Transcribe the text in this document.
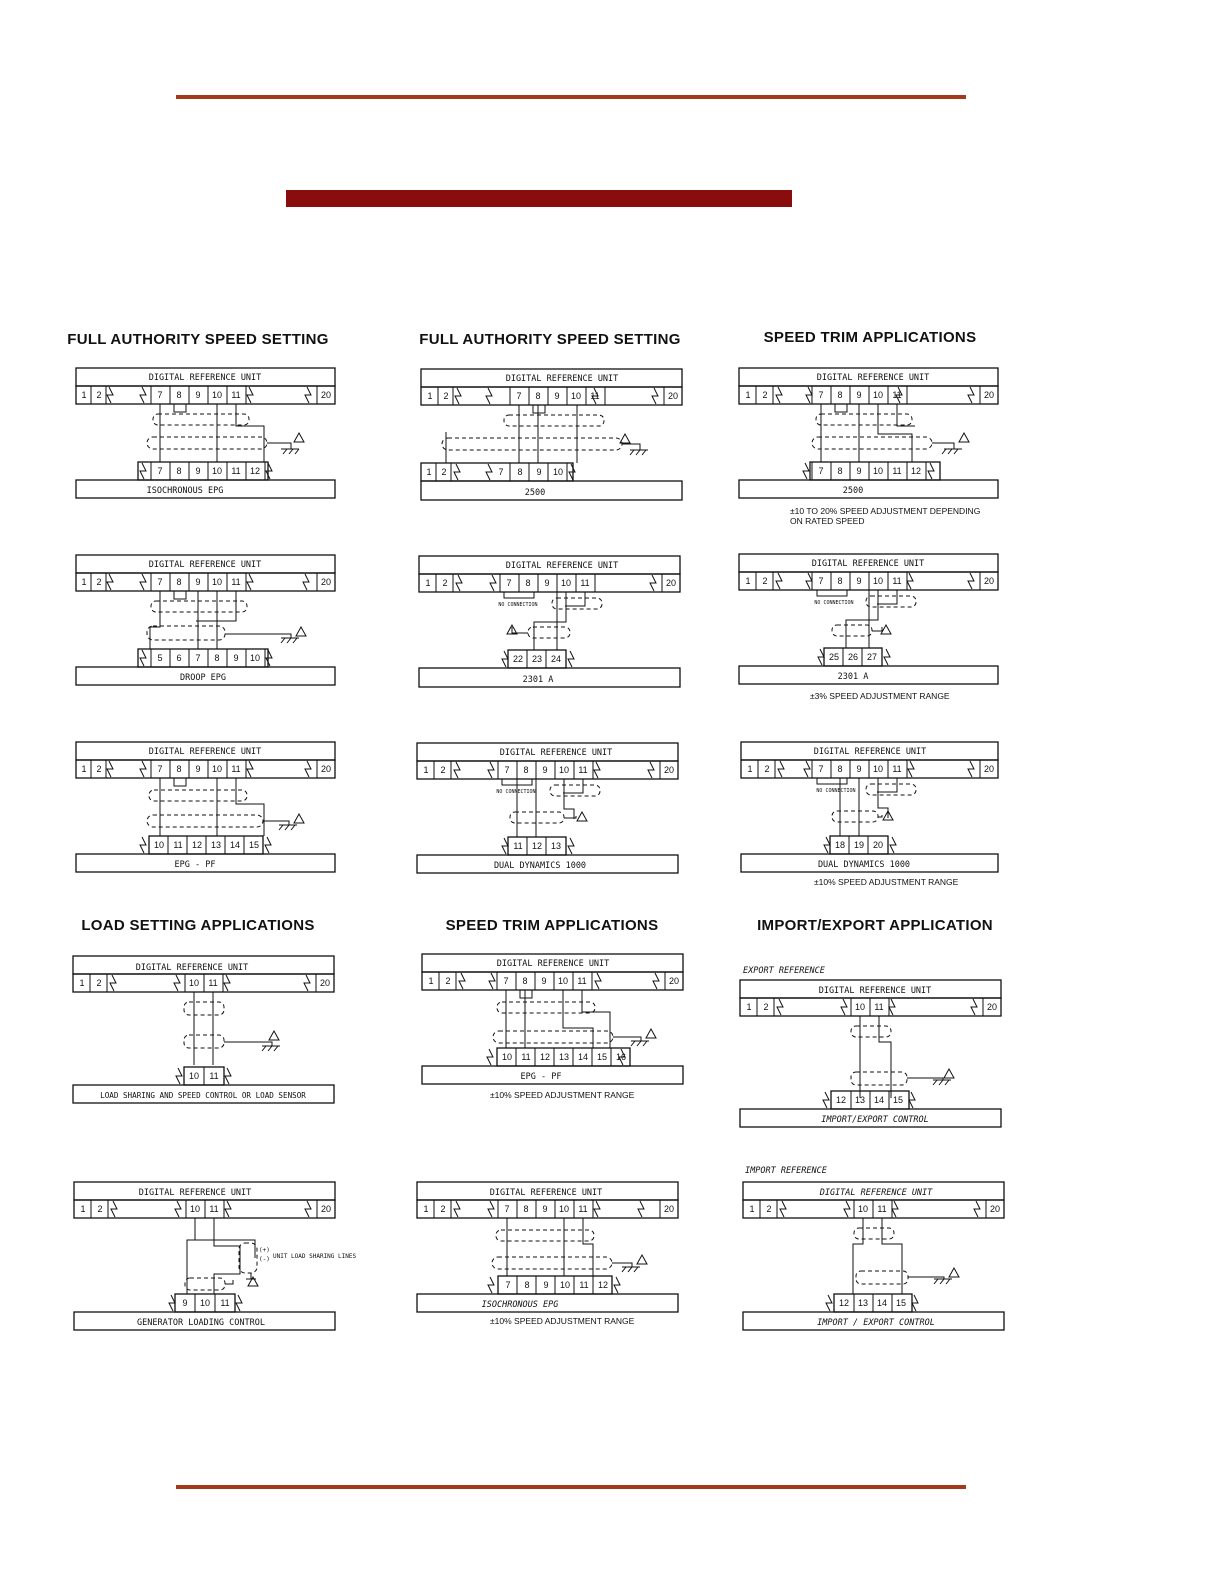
FULL AUTHORITY SPEED SETTING	FULL AUTHORITY SPEED SETTING	SPEED TRIM APPLICATIONS
LOAD SETTING APPLICATIONS	SPEED TRIM APPLICATIONS	IMPORT/EXPORT APPLICATION
DIGITAL REFERENCE UNIT
1 2	7 8 9 10 11	20
7 8 9 10 11 12
ISOCHRONOUS EPG
DIGITAL REFERENCE UNIT
1 2	7 8 9 10
1 2	7 8 9 10 11	20
2500
DIGITAL REFERENCE UNIT
7 8 9 10 11 12
1 2	7 8 9 10 11	20
2500
±10 TO 20% SPEED ADJUSTMENT DEPENDING
ON RATED SPEED
DIGITAL REFERENCE UNIT
5 6 7 8 9 10
1 2	7 8 9 10 11	20
DROOP EPG
DIGITAL REFERENCE UNIT
NO CONNECTION
22 23 24
1 2	7 8 9 10 11	20
2301 A
DIGITAL REFERENCE UNIT
NO CONNECTION
25 26 27
1 2	7 8 9 10 11	20
2301 A
±3% SPEED ADJUSTMENT RANGE
DIGITAL REFERENCE UNIT
10 11 12 13 14 15
1 2	7 8 9 10 11	20
EPG - PF
DIGITAL REFERENCE UNIT
NO CONNECTION
11 12 13
1 2	7 8 9 10 11	20
DUAL DYNAMICS 1000
DIGITAL REFERENCE UNIT
NO CONNECTION
18 19 20
1 2	7 8 9 10 11	20
DUAL DYNAMICS 1000
±10% SPEED ADJUSTMENT RANGE
DIGITAL REFERENCE UNIT
10 11
1 2	10 11	20
LOAD SHARING AND SPEED CONTROL OR LOAD SENSOR
DIGITAL REFERENCE UNIT
10 11 12 13 14 15 16
1 2	7 8 9 10 11	20
EPG - PF
±10% SPEED ADJUSTMENT RANGE
EXPORT REFERENCE
DIGITAL REFERENCE UNIT
12 13 14 15
1 2	10 11	20
IMPORT/EXPORT CONTROL
DIGITAL REFERENCE UNIT
(+)
(-) UNIT LOAD SHARING LINES
9 10 11
1 2	10 11	20
GENERATOR LOADING CONTROL
DIGITAL REFERENCE UNIT
7 8 9 10 11 12
1 2	7 8 9 10 11	20
ISOCHRONOUS EPG
±10% SPEED ADJUSTMENT RANGE
IMPORT REFERENCE
DIGITAL REFERENCE UNIT
12 13 14 15
1 2	10 11	20
IMPORT / EXPORT CONTROL
